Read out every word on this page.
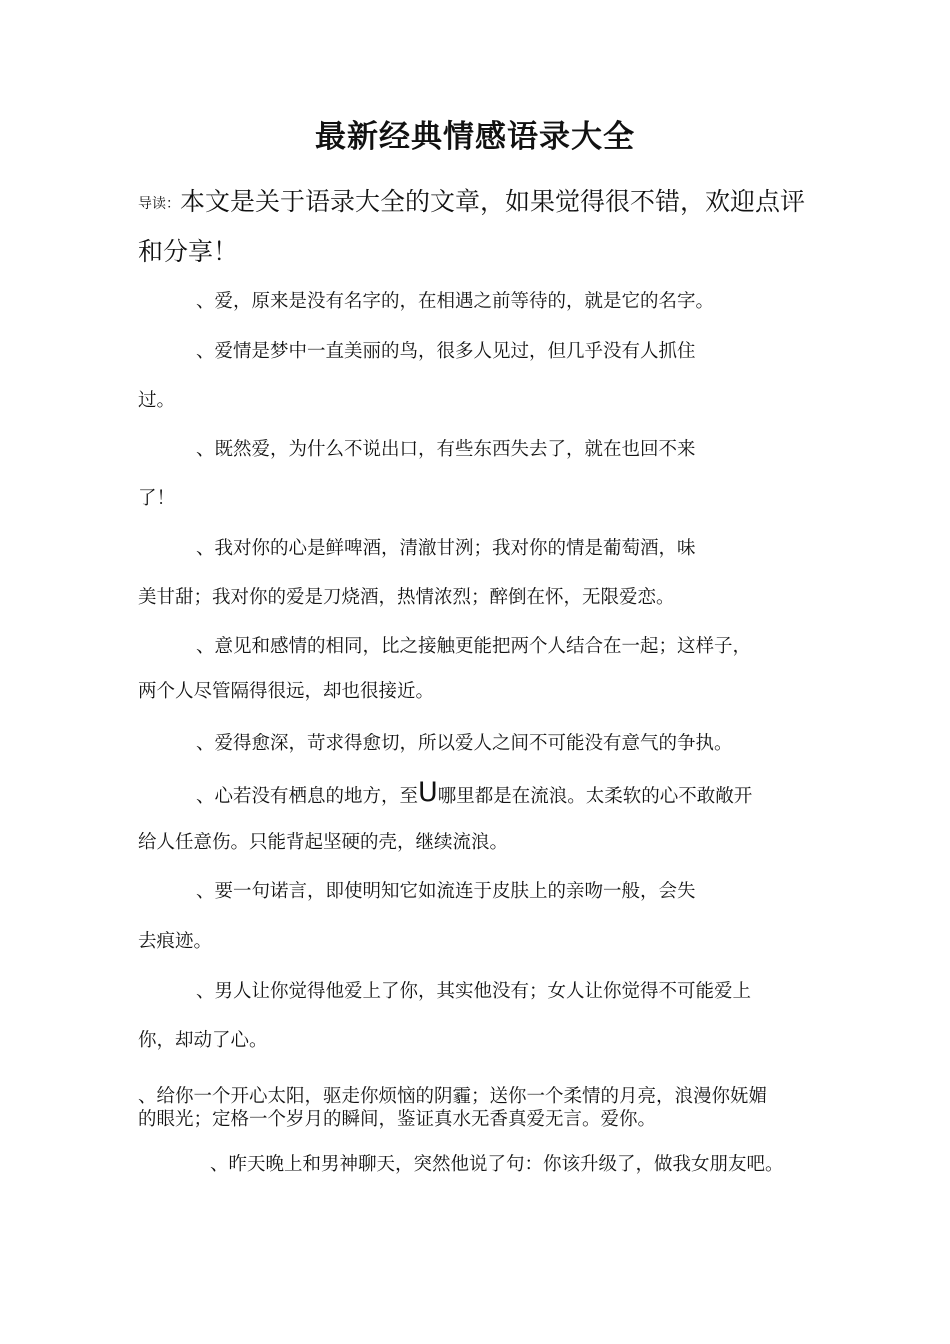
最新经典情感语录大全
导读：本文是关于语录大全的文章，如果觉得很不错，欢迎点评和分享！
、爱，原来是没有名字的，在相遇之前等待的，就是它的名字。
、爱情是梦中一直美丽的鸟，很多人见过，但几乎没有人抓住
过。
、既然爱，为什么不说出口，有些东西失去了，就在也回不来
了！
、我对你的心是鲜啤酒，清澈甘洌；我对你的情是葡萄酒，味
美甘甜；我对你的爱是刀烧酒，热情浓烈；醉倒在怀，无限爱恋。
、意见和感情的相同，比之接触更能把两个人结合在一起；这样子，
两个人尽管隔得很远，却也很接近。
、爱得愈深，苛求得愈切，所以爱人之间不可能没有意气的争执。
、心若没有栖息的地方，至U哪里都是在流浪。太柔软的心不敢敞开
给人任意伤。只能背起坚硬的壳，继续流浪。
、要一句诺言，即使明知它如流连于皮肤上的亲吻一般，会失
去痕迹。
、男人让你觉得他爱上了你，其实他没有；女人让你觉得不可能爱上
你，却动了心。
、给你一个开心太阳，驱走你烦恼的阴霾；送你一个柔情的月亮，浪漫你妩媚
的眼光；定格一个岁月的瞬间，鉴证真水无香真爱无言。爱你。
、昨天晚上和男神聊天，突然他说了句：你该升级了，做我女朋友吧。
